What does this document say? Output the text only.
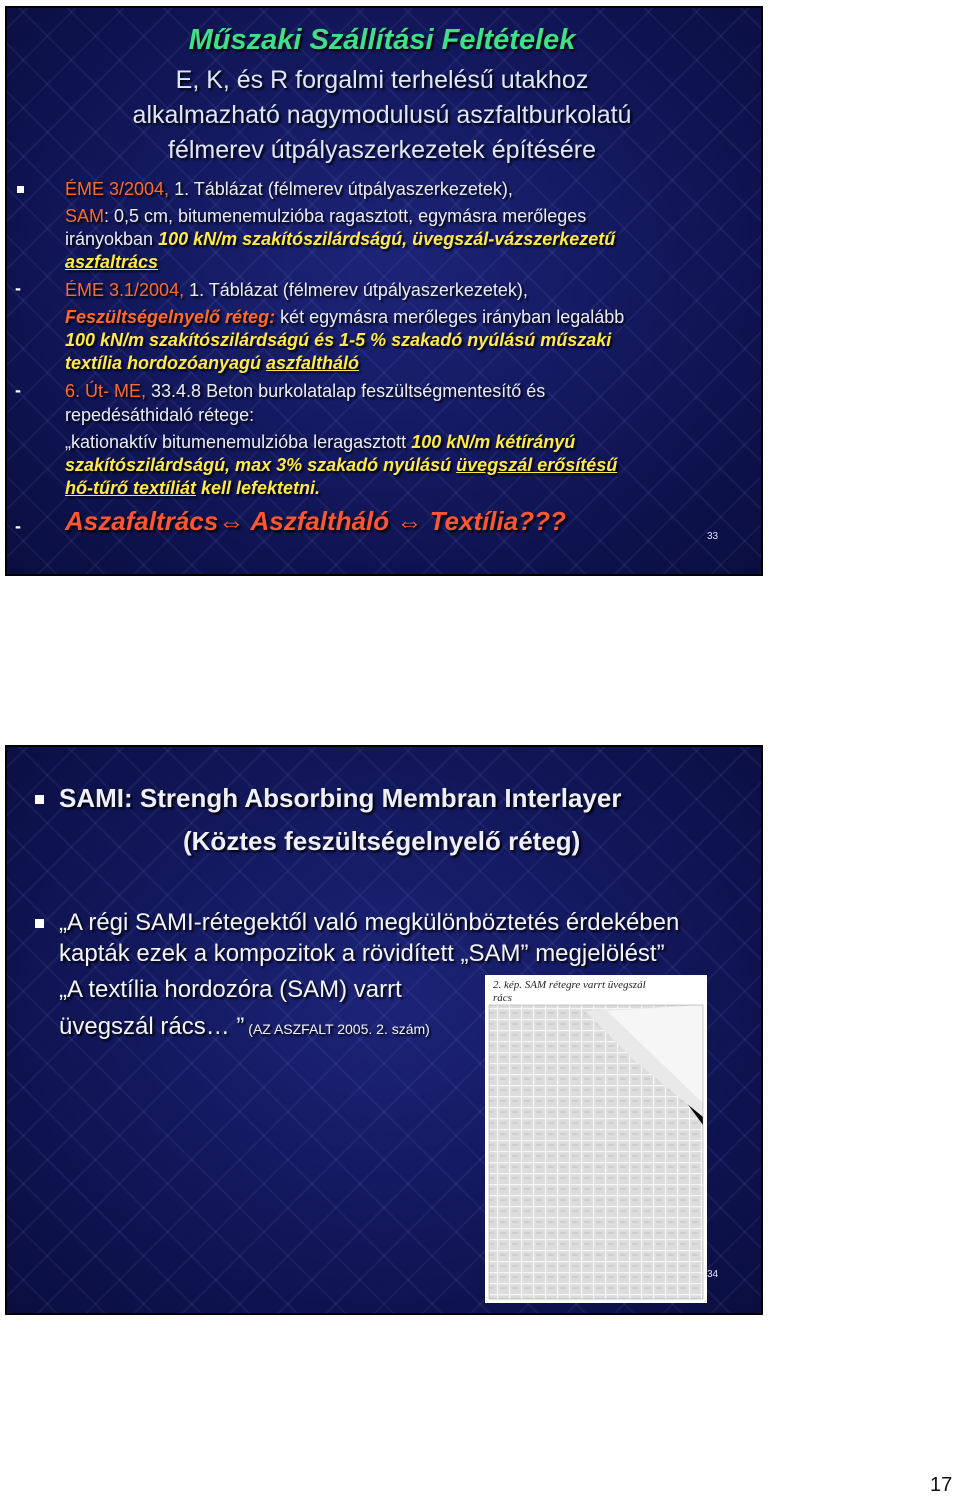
Műszaki Szállítási Feltételek

E, K, és R forgalmi terhelésű utakhoz

alkalmazható nagymodulusú aszfaltburkolatú

félmerev útpályaszerkezetek építésére

ÉME 3/2004, 1. Táblázat (félmerev útpályaszerkezetek),

SAM: 0,5 cm, bitumenemulzióba ragasztott, egymásra merőleges

irányokban 100 kN/m szakítószilárdságú, üvegszál-vázszerkezetű

aszfaltrács

- ÉME 3.1/2004, 1. Táblázat (félmerev útpályaszerkezetek),

Feszültségelnyelő réteg: két egymásra merőleges irányban legalább

100 kN/m szakítószilárdságú és 1-5 % szakadó nyúlású műszaki

textília hordozóanyagú aszfaltháló

- 6. Út- ME, 33.4.8 Beton burkolatalap feszültségmentesítő és

repedésáthidaló rétege:

„kationaktív bitumenemulzióba leragasztott 100 kN/m kétírányú

szakítószilárdságú, max 3% szakadó nyúlású üvegszál erősítésű

hő-tűrő textíliát kell lefektetni.

- Aszafaltrács⇔ Aszfaltháló ⇔ Textília???

33

SAMI: Strengh Absorbing Membran Interlayer

(Köztes feszültségelnyelő réteg)

„A régi SAMI-rétegektől való megkülönböztetés érdekében

kapták ezek a kompozitok a rövidített „SAM” megjelölést”

„A textília hordozóra (SAM) varrt

üvegszál rács… ” (AZ ASZFALT 2005. 2. szám)

2. kép. SAM rétegre varrt üvegszál
rács

34
17
